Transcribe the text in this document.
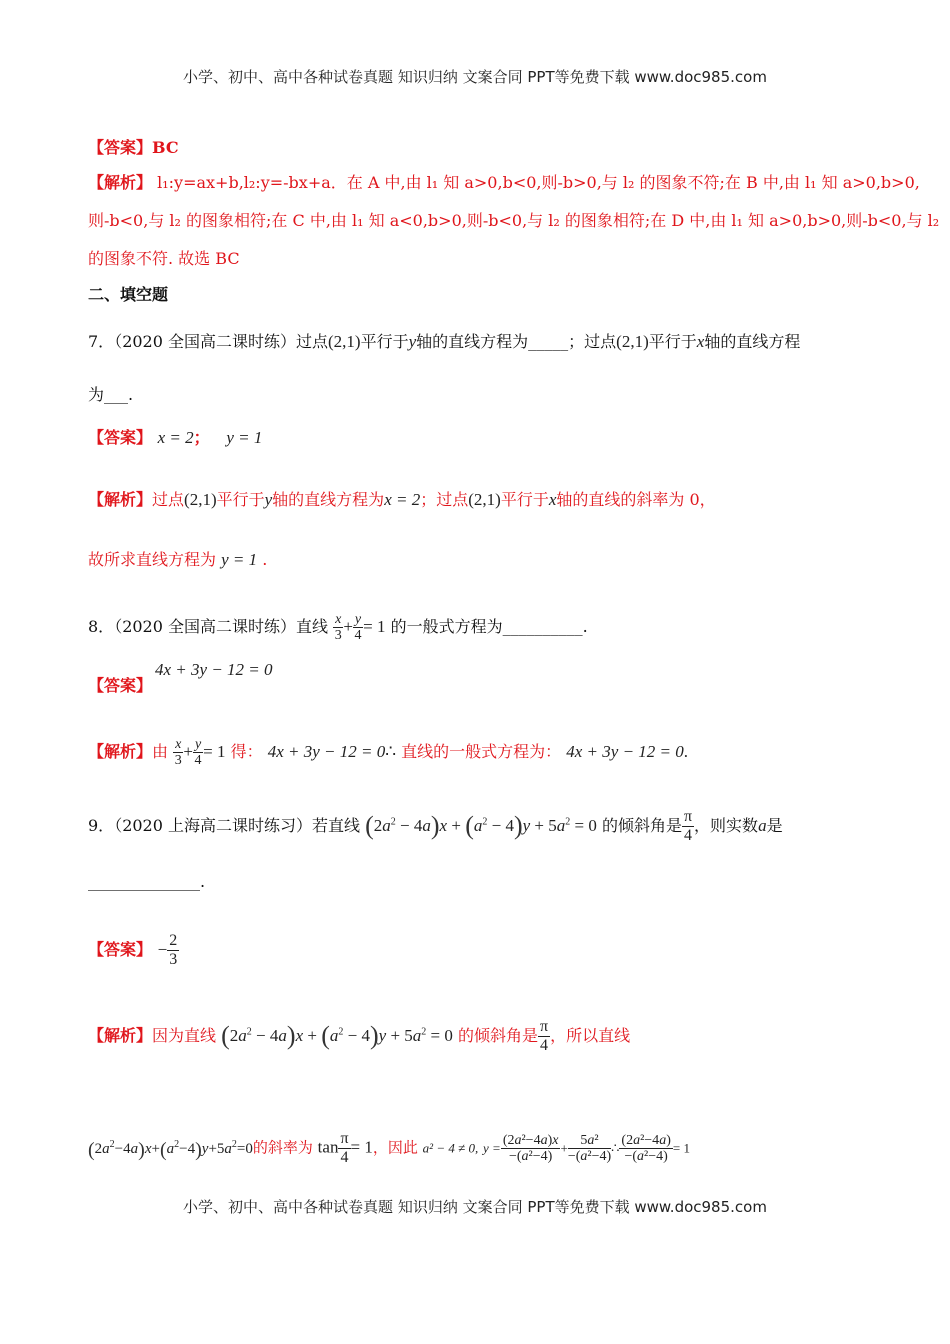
小学、初中、高中各种试卷真题 知识归纳 文案合同 PPT等免费下载 www.doc985.com
【答案】BC
【解析】 l₁:y=ax+b,l₂:y=-bx+a．在 A 中,由 l₁ 知 a>0,b<0,则-b>0,与 l₂ 的图象不符;在 B 中,由 l₁ 知 a>0,b>0,
则-b<0,与 l₂ 的图象相符;在 C 中,由 l₁ 知 a<0,b>0,则-b<0,与 l₂ 的图象相符;在 D 中,由 l₁ 知 a>0,b>0,则-b<0,与 l₂
的图象不符. 故选 BC
二、填空题
7．（2020 全国高二课时练）过点(2,1)平行于y轴的直线方程为_____；过点(2,1)平行于x轴的直线方程
为___.
【答案】 x = 2； y = 1
【解析】过点(2,1)平行于y轴的直线方程为x = 2；过点(2,1)平行于x轴的直线的斜率为 0，
故所求直线方程为 y = 1 .
8．（2020 全国高二课时练）直线 $\frac{x}{3} + \frac{y}{4} = 1$ 的一般式方程为__________.
4x + 3y − 12 = 0
【答案】
【解析】由 $\frac{x}{3} + \frac{y}{4} = 1$ 得： 4x + 3y − 12 = 0∴ 直线的一般式方程为： 4x + 3y − 12 = 0.
9．（2020 上海高二课时练习）若直线 $(2a^2 - 4a)x + (a^2 - 4)y + 5a^2 = 0$ 的倾斜角是 $\frac{\pi}{4}$ ，则实数a是
______________.
【答案】 − $\frac{2}{3}$
【解析】因为直线 $(2a^2 - 4a)x + (a^2 - 4)y + 5a^2 = 0$ 的倾斜角是 $\frac{\pi}{4}$ ，所以直线
$(2a^2-4a)x+(a^2-4)y+5a^2=0$的斜率为 $\tan \frac{\pi}{4} = 1$，因此 a² − 4 ≠ 0, $y = \frac{\text{(2a²−4a)x}}{\text{−(a²−4)}} + \frac{\text{5a²}}{\text{−(a²−4)}}$ ∴ $\frac{\text{(2a²−4a)}}{\text{−(a²−4)}} = 1$
小学、初中、高中各种试卷真题 知识归纳 文案合同 PPT等免费下载 www.doc985.com
